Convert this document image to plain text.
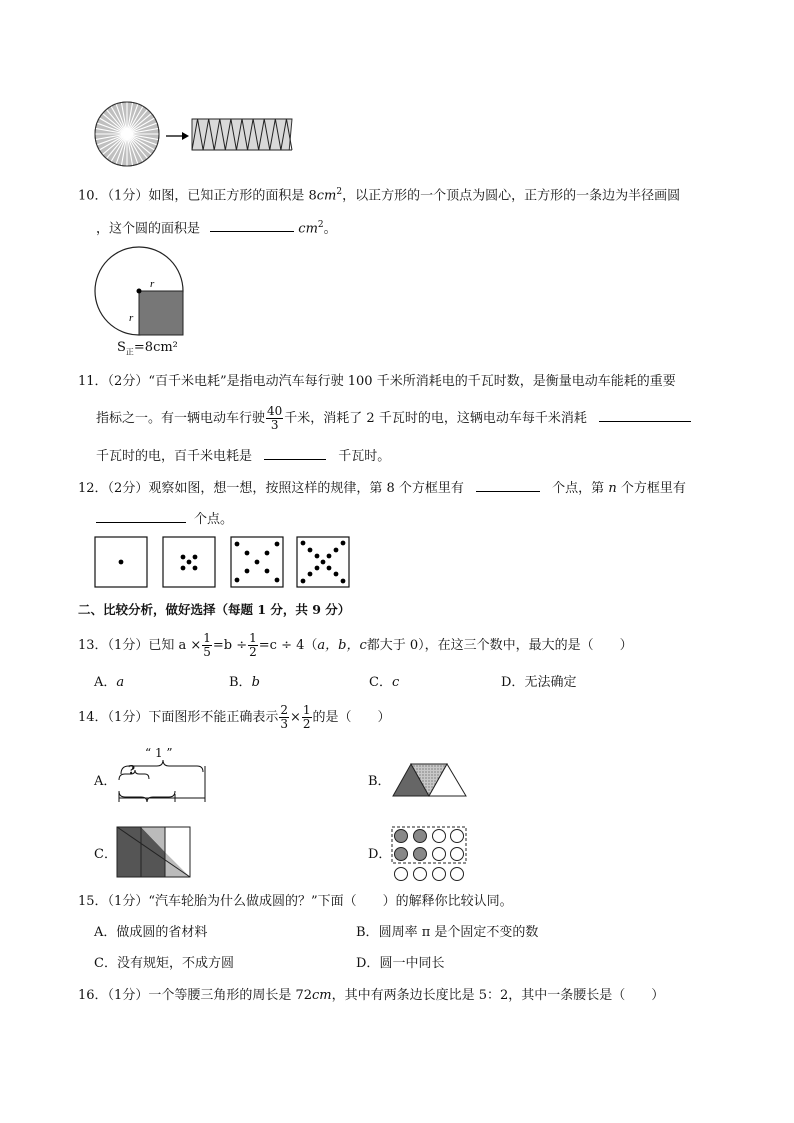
10．（1分）如图，已知正方形的面积是 $8cm^2$，以正方形的一个顶点为圆心，正方形的一条边为半径画圆
，这个圆的面积是	$cm^2$。
r
r
$S_正=8cm^2$
11．（2分）“百千米电耗”是指电动汽车每行驶 100 千米所消耗电的千瓦时数，是衡量电动车能耗的重要
指标之一。有一辆电动车行驶 $\frac{40}{3}$ 千米，消耗了 2 千瓦时的电，这辆电动车每千米消耗
千瓦时的电，百千米电耗是	千瓦时。
12．（2分）观察如图，想一想，按照这样的规律，第 8 个方框里有	个点，第 n 个方框里有
个点。
二、比较分析，做好选择（每题 1 分，共 9 分）
13．（1分）已知 $a \times \frac{1}{5} =b \div \frac{1}{2} =c \div 4(a$，b，c都大于 0），在这三个数中，最大的是（　　）
A．a	B．b	C．c	D．无法确定
14．（1分）下面图形不能正确表示 $\frac{2}{3} \times \frac{1}{2}$ 的是（　　）
A．
“ 1 ”
?
B．
C．	D．
15．（1分）“汽车轮胎为什么做成圆的？”下面（　　）的解释你比较认同。
A．做成圆的省材料	B．圆周率 π 是个固定不变的数
C．没有规矩，不成方圆	D．圆一中同长
16．（1分）一个等腰三角形的周长是 72cm，其中有两条边长度比是 5：2，其中一条腰长是（　　）
